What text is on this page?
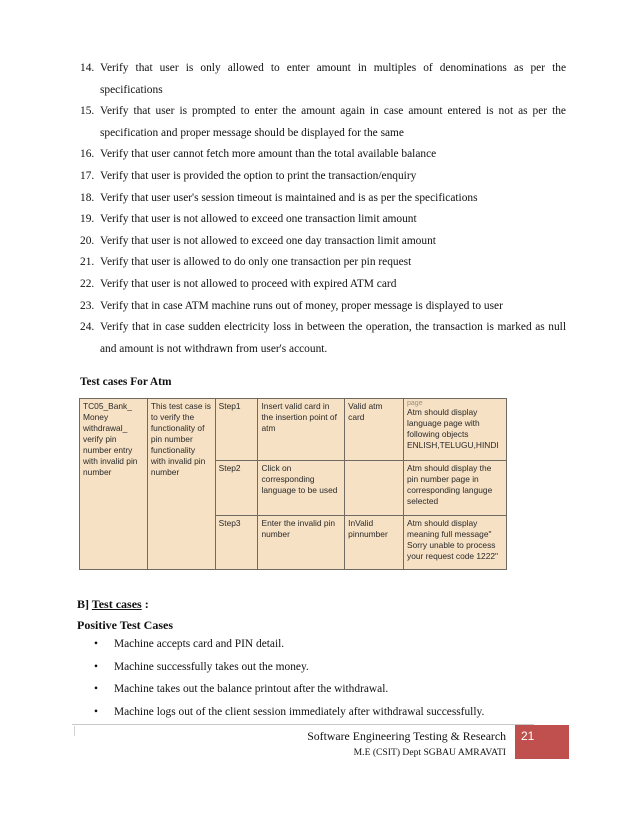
14. Verify that user is only allowed to enter amount in multiples of denominations as per the specifications
15. Verify that user is prompted to enter the amount again in case amount entered is not as per the specification and proper message should be displayed for the same
16. Verify that user cannot fetch more amount than the total available balance
17. Verify that user is provided the option to print the transaction/enquiry
18. Verify that user user's session timeout is maintained and is as per the specifications
19. Verify that user is not allowed to exceed one transaction limit amount
20. Verify that user is not allowed to exceed one day transaction limit amount
21. Verify that user is allowed to do only one transaction per pin request
22. Verify that user is not allowed to proceed with expired ATM card
23. Verify that in case ATM machine runs out of money, proper message is displayed to user
24. Verify that in case sudden electricity loss in between the operation, the transaction is marked as null and amount is not withdrawn from user's account.
Test cases For Atm
TC05_Bank_ Money withdrawal_ verify pin number entry with invalid pin number	This test case is to verify the functionality of pin number functionality with invalid pin number	Step1	Insert valid card in the insertion point of atm	Valid atm card	page
Atm should display language page with following objects ENLISH,TELUGU,HINDI
		Step2	Click on corresponding language to be used		Atm should display the pin number page in corresponding languge selected
		Step3	Enter the invalid pin number	InValid pinnumber	Atm should display meaning full message" Sorry unable to process your request code 1222"
B] Test cases :
Positive Test Cases
• Machine accepts card and PIN detail.
• Machine successfully takes out the money.
• Machine takes out the balance printout after the withdrawal.
• Machine logs out of the client session immediately after withdrawal successfully.
Software Engineering Testing & Research
M.E (CSIT) Dept SGBAU AMRAVATI
21
